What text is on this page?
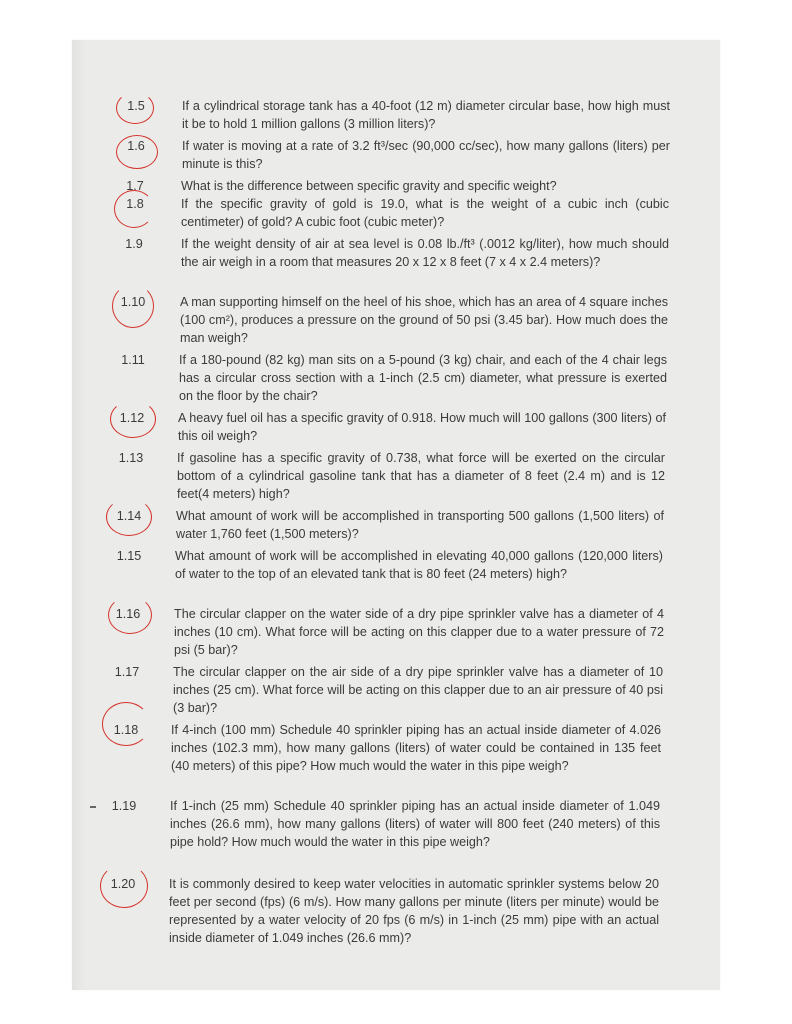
1.5	If a cylindrical storage tank has a 40-foot (12 m) diameter circular base, how high must it be to hold 1 million gallons (3 million liters)?
1.6	If water is moving at a rate of 3.2 ft³/sec (90,000 cc/sec), how many gallons (liters) per minute is this?
1.7	What is the difference between specific gravity and specific weight?
1.8	If the specific gravity of gold is 19.0, what is the weight of a cubic inch (cubic centimeter) of gold? A cubic foot (cubic meter)?
1.9	If the weight density of air at sea level is 0.08 lb./ft³ (.0012 kg/liter), how much should the air weigh in a room that measures 20 x 12 x 8 feet (7 x 4 x 2.4 meters)?
1.10	A man supporting himself on the heel of his shoe, which has an area of 4 square inches (100 cm²), produces a pressure on the ground of 50 psi (3.45 bar). How much does the man weigh?
1.11	If a 180-pound (82 kg) man sits on a 5-pound (3 kg) chair, and each of the 4 chair legs has a circular cross section with a 1-inch (2.5 cm) diameter, what pressure is exerted on the floor by the chair?
1.12	A heavy fuel oil has a specific gravity of 0.918. How much will 100 gallons (300 liters) of this oil weigh?
1.13	If gasoline has a specific gravity of 0.738, what force will be exerted on the circular bottom of a cylindrical gasoline tank that has a diameter of 8 feet (2.4 m) and is 12 feet(4 meters) high?
1.14	What amount of work will be accomplished in transporting 500 gallons (1,500 liters) of water 1,760 feet (1,500 meters)?
1.15	What amount of work will be accomplished in elevating 40,000 gallons (120,000 liters) of water to the top of an elevated tank that is 80 feet (24 meters) high?
1.16	The circular clapper on the water side of a dry pipe sprinkler valve has a diameter of 4 inches (10 cm). What force will be acting on this clapper due to a water pressure of 72 psi (5 bar)?
1.17	The circular clapper on the air side of a dry pipe sprinkler valve has a diameter of 10 inches (25 cm). What force will be acting on this clapper due to an air pressure of 40 psi (3 bar)?
1.18	If 4-inch (100 mm) Schedule 40 sprinkler piping has an actual inside diameter of 4.026 inches (102.3 mm), how many gallons (liters) of water could be contained in 135 feet (40 meters) of this pipe? How much would the water in this pipe weigh?
1.19	If 1-inch (25 mm) Schedule 40 sprinkler piping has an actual inside diameter of 1.049 inches (26.6 mm), how many gallons (liters) of water will 800 feet (240 meters) of this pipe hold? How much would the water in this pipe weigh?
1.20	It is commonly desired to keep water velocities in automatic sprinkler systems below 20 feet per second (fps) (6 m/s). How many gallons per minute (liters per minute) would be represented by a water velocity of 20 fps (6 m/s) in 1-inch (25 mm) pipe with an actual inside diameter of 1.049 inches (26.6 mm)?
